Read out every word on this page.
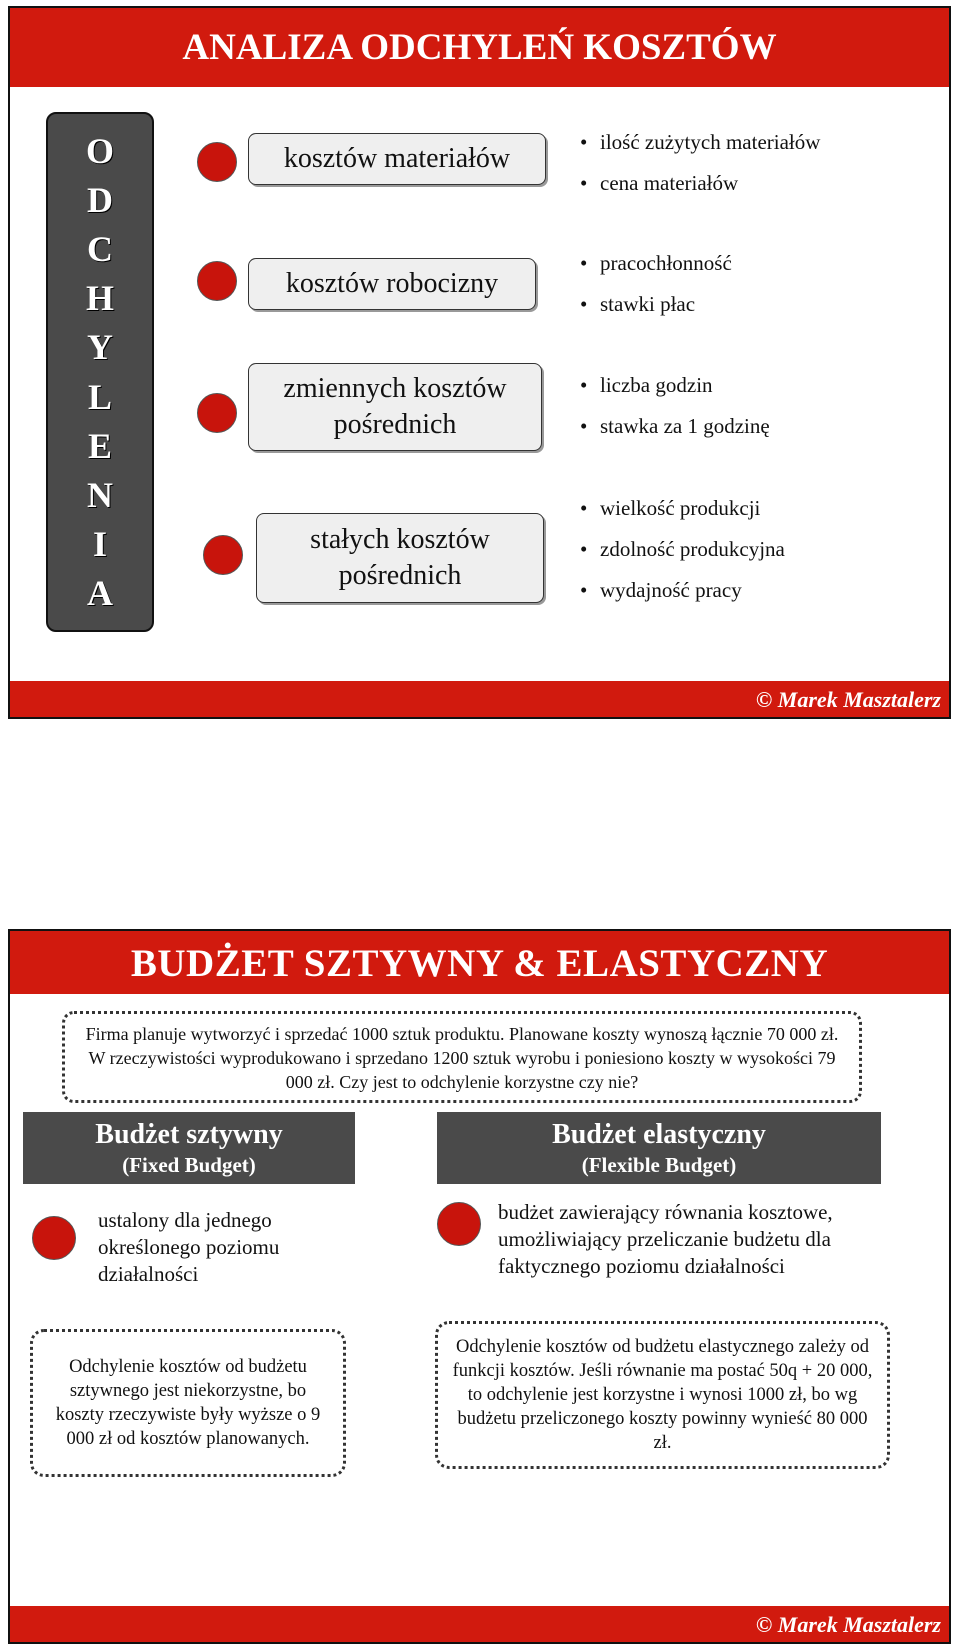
ANALIZA ODCHYLEŃ KOSZTÓW
O
D
C
H
Y
L
E
N
I
A
kosztów materiałów
• ilość zużytych materiałów
• cena materiałów
kosztów robocizny
• pracochłonność
• stawki płac
zmiennych kosztów pośrednich
• liczba godzin
• stawka za 1 godzinę
stałych kosztów pośrednich
• wielkość produkcji
• zdolność produkcyjna
• wydajność pracy
© Marek Masztalerz
BUDŻET SZTYWNY & ELASTYCZNY
Firma planuje wytworzyć i sprzedać 1000 sztuk produktu. Planowane koszty wynoszą łącznie 70 000 zł. W rzeczywistości wyprodukowano i sprzedano 1200 sztuk wyrobu i poniesiono koszty w wysokości 79 000 zł. Czy jest to odchylenie korzystne czy nie?
Budżet sztywny
(Fixed Budget)
Budżet elastyczny
(Flexible Budget)
ustalony dla jednego określonego poziomu działalności
budżet zawierający równania kosztowe, umożliwiający przeliczanie budżetu dla faktycznego poziomu działalności
Odchylenie kosztów od budżetu sztywnego jest niekorzystne, bo koszty rzeczywiste były wyższe o 9 000 zł od kosztów planowanych.
Odchylenie kosztów od budżetu elastycznego zależy od funkcji kosztów. Jeśli równanie ma postać 50q + 20 000, to odchylenie jest korzystne i wynosi 1000 zł, bo wg budżetu przeliczonego koszty powinny wynieść 80 000 zł.
© Marek Masztalerz
